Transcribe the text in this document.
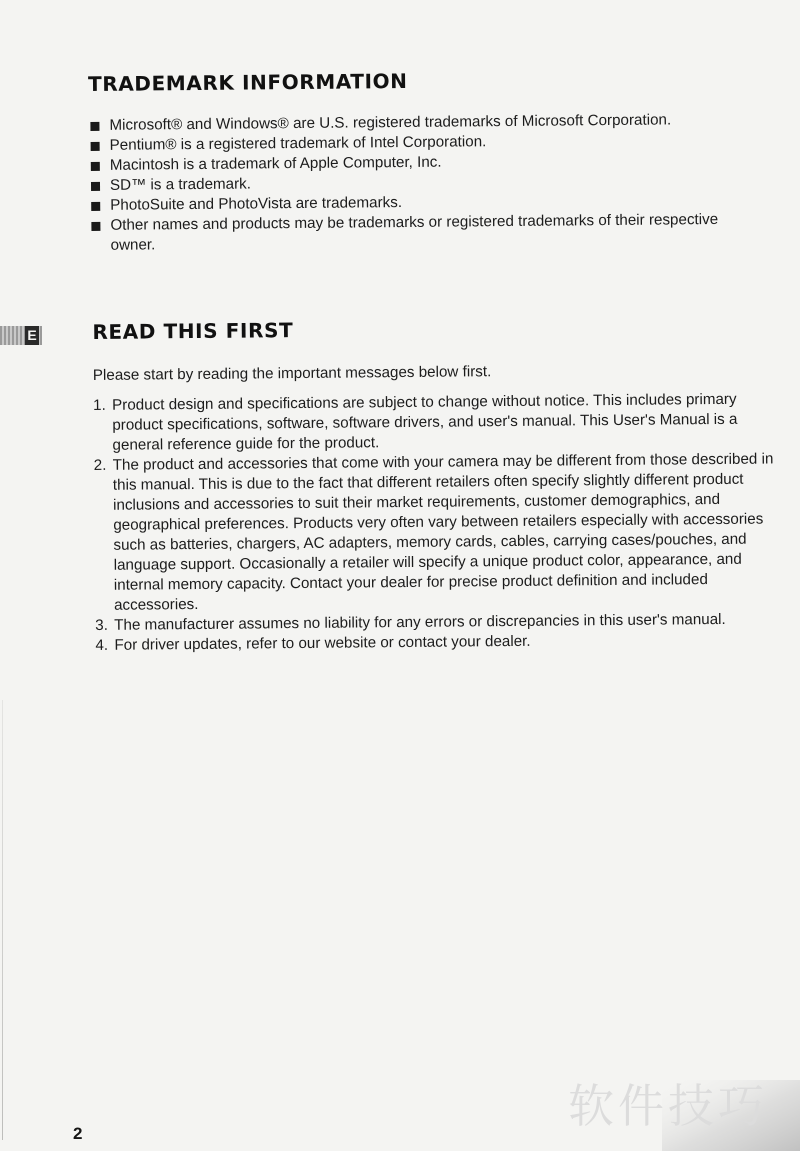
E
TRADEMARK INFORMATION
Microsoft® and Windows® are U.S. registered trademarks of Microsoft Corporation.
Pentium® is a registered trademark of Intel Corporation.
Macintosh is a trademark of Apple Computer, Inc.
SD™ is a trademark.
PhotoSuite and PhotoVista are trademarks.
Other names and products may be trademarks or registered trademarks of their respective owner.
READ THIS FIRST

Please start by reading the important messages below first.

1. Product design and specifications are subject to change without notice. This includes primary product specifications, software, software drivers, and user's manual. This User's Manual is a general reference guide for the product.
2. The product and accessories that come with your camera may be different from those described in this manual. This is due to the fact that different retailers often specify slightly different product inclusions and accessories to suit their market requirements, customer demographics, and geographical preferences. Products very often vary between retailers especially with accessories such as batteries, chargers, AC adapters, memory cards, cables, carrying cases/pouches, and language support. Occasionally a retailer will specify a unique product color, appearance, and internal memory capacity. Contact your dealer for precise product definition and included accessories.
3. The manufacturer assumes no liability for any errors or discrepancies in this user's manual.
4. For driver updates, refer to our website or contact your dealer.
2
软件技巧
